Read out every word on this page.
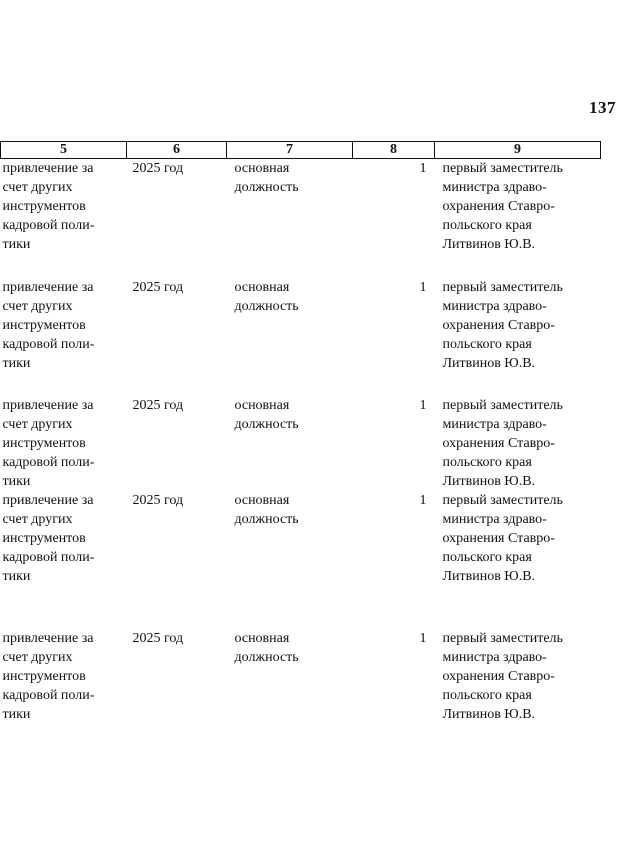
137
5	6	7	8	9

привлечение за
счет других
инструментов
кадровой поли-
тики	2025 год	основная
должность	1	первый заместитель
министра здраво-
охранения Ставро-
польского края
Литвинов Ю.В.

привлечение за
счет других
инструментов
кадровой поли-
тики	2025 год	основная
должность	1	первый заместитель
министра здраво-
охранения Ставро-
польского края
Литвинов Ю.В.

привлечение за
счет других
инструментов
кадровой поли-
тики	2025 год	основная
должность	1	первый заместитель
министра здраво-
охранения Ставро-
польского края
Литвинов Ю.В.

привлечение за
счет других
инструментов
кадровой поли-
тики	2025 год	основная
должность	1	первый заместитель
министра здраво-
охранения Ставро-
польского края
Литвинов Ю.В.

привлечение за
счет других
инструментов
кадровой поли-
тики	2025 год	основная
должность	1	первый заместитель
министра здраво-
охранения Ставро-
польского края
Литвинов Ю.В.
